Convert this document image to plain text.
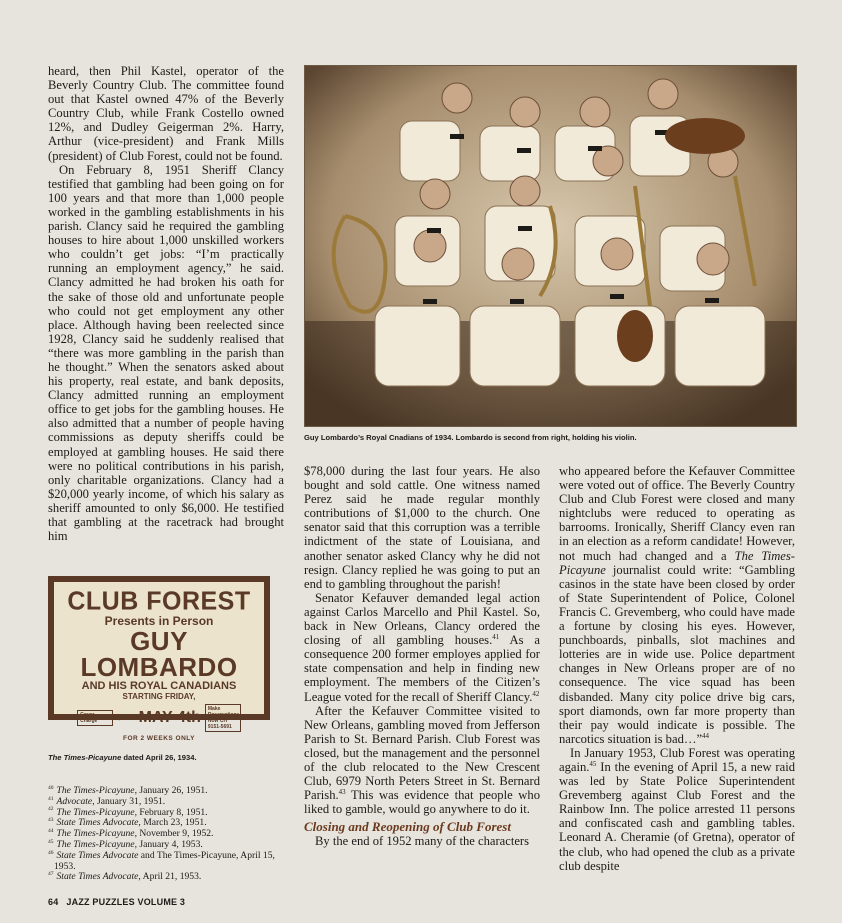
heard, then Phil Kastel, operator of the Beverly Country Club. The committee found out that Kastel owned 47% of the Beverly Country Club, while Frank Costello owned 12%, and Dudley Geigerman 2%. Harry, Arthur (vice-president) and Frank Mills (president) of Club Forest, could not be found.

On February 8, 1951 Sheriff Clancy testified that gambling had been going on for 100 years and that more than 1,000 people worked in the gambling establishments in his parish. Clancy said he required the gambling houses to hire about 1,000 unskilled workers who couldn’t get jobs: “I’m practically running an employment agency,” he said. Clancy admitted he had broken his oath for the sake of those old and unfortunate people who could not get employment any other place. Although having been reelected since 1928, Clancy said he suddenly realised that “there was more gambling in the parish than he thought.” When the senators asked about his property, real estate, and bank deposits, Clancy admitted running an employment office to get jobs for the gambling houses. He also admitted that a number of people having commissions as deputy sheriffs could be employed at gambling houses. He said there were no political contributions in his parish, only charitable organizations. Clancy had a $20,000 yearly income, of which his salary as sheriff amounted to only $6,000. He testified that gambling at the racetrack had brought him

Guy Lombardo’s Royal Cnadians of 1934. Lombardo is second from right, holding his violin.

$78,000 during the last four years. He also bought and sold cattle. One witness named Perez said he made regular monthly contributions of $1,000 to the church. One senator said that this corruption was a terrible indictment of the state of Louisiana, and another senator asked Clancy why he did not resign. Clancy replied he was going to put an end to gambling throughout the parish!

Senator Kefauver demanded legal action against Carlos Marcello and Phil Kastel. So, back in New Orleans, Clancy ordered the closing of all gambling houses.$^{41}$ As a consequence 200 former employes applied for state compensation and help in finding new employment. The members of the Citizen’s League voted for the recall of Sheriff Clancy.$^{42}$

After the Kefauver Committee visited to New Orleans, gambling moved from Jefferson Parish to St. Bernard Parish. Club Forest was closed, but the management and the personnel of the club relocated to the New Crescent Club, 6979 North Peters Street in St. Bernard Parish.$^{43}$ This was evidence that people who liked to gamble, would go anywhere to do it.

Closing and Reopening of Club Forest

By the end of 1952 many of the characters

who appeared before the Kefauver Committee were voted out of office. The Beverly Country Club and Club Forest were closed and many nightclubs were reduced to operating as barrooms. Ironically, Sheriff Clancy even ran in an election as a reform candidate! However, not much had changed and a The Times-Picayune journalist could write: “Gambling casinos in the state have been closed by order of State Superintendent of Police, Colonel Francis C. Grevemberg, who could have made a fortune by closing his eyes. However, punchboards, pinballs, slot machines and lotteries are in wide use. Police department changes in New Orleans proper are of no consequence. The vice squad has been disbanded. Many city police drive big cars, sport diamonds, own far more property than their pay would indicate is possible. The narcotics situation is bad…”$^{44}$

In January 1953, Club Forest was operating again.$^{45}$ In the evening of April 15, a new raid was led by State Police Superintendent Grevemberg against Club Forest and the Rainbow Inn. The police arrested 11 persons and confiscated cash and gambling tables. Leonard A. Cheramie (of Gretna), operator of the club, who had opened the club as a private club despite

CLUB FOREST
Presents in Person
GUY LOMBARDO
AND HIS ROYAL CANADIANS
STARTING FRIDAY,
Cover Charge	$1.50 MAY 4th	Make Reservations Now CH 9151-5691
FOR 2 WEEKS ONLY
The Times-Picayune dated April 26, 1934.
$^{40}$ The Times-Picayune, January 26, 1951.
$^{41}$ Advocate, January 31, 1951.
$^{42}$ The Times-Picayune, February 8, 1951.
$^{43}$ State Times Advocate, March 23, 1951.
$^{44}$ The Times-Picayune, November 9, 1952.
$^{45}$ The Times-Picayune, January 4, 1953.
$^{46}$ State Times Advocate and The Times-Picayune, April 15, 1953.
$^{47}$ State Times Advocate, April 21, 1953.
64 JAZZ PUZZLES VOLUME 3
